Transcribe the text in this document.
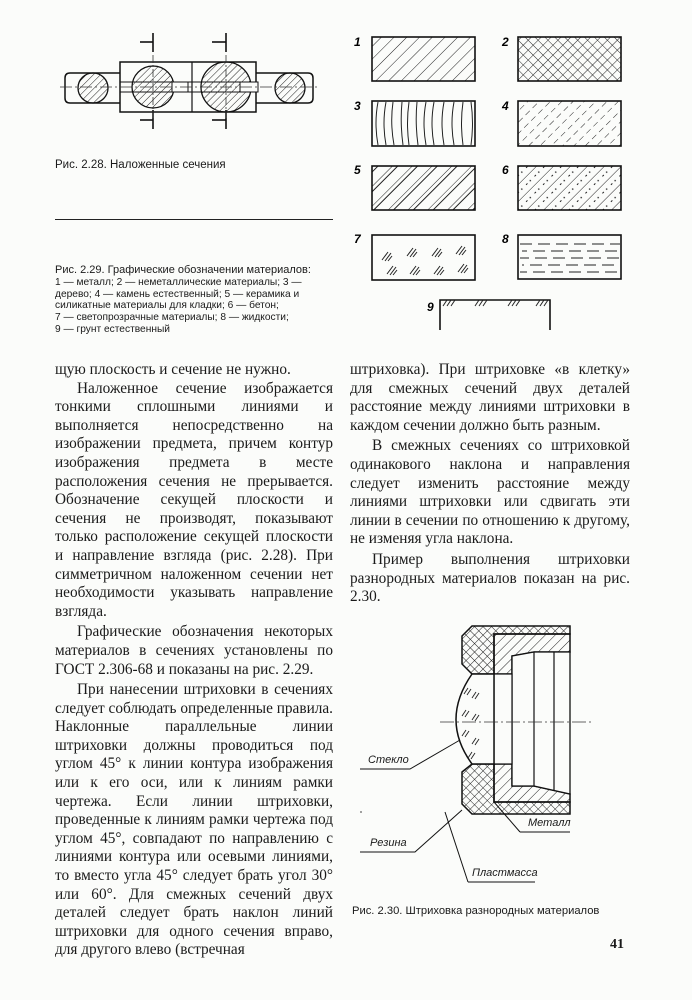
Рис. 2.28. Наложенные сечения
Рис. 2.29. Графические обозначении материалов:
1 — металл; 2 — неметаллические материалы; 3 —
дерево; 4 — камень естественный; 5 — керамика и
силикатные материалы для кладки; 6 — бетон;
7 — светопрозрачные материалы; 8 — жидкости;
9 — грунт естественный
1	2
3	4
5	6
7	8
9

щую плоскость и сечение не нужно.

Наложенное сечение изображается тонкими сплошными линиями и выполняется непосредственно на изображении предмета, причем контур изображения предмета в месте расположения сечения не прерывается. Обозначение секущей плоскости и сечения не производят, показывают только расположение секущей плоскости и направление взгляда (рис. 2.28). При симметричном наложенном сечении нет необходимости указывать направление взгляда.

Графические обозначения некоторых материалов в сечениях установлены по ГОСТ 2.306-68 и показаны на рис. 2.29.

При нанесении штриховки в сечениях следует соблюдать определенные правила. Наклонные параллельные линии штриховки должны проводиться под углом 45° к линии контура изображения или к его оси, или к линиям рамки чертежа. Если линии штриховки, проведенные к линиям рамки чертежа под углом 45°, совпадают по направлению с линиями контура или осевыми линиями, то вместо угла 45° следует брать угол 30° или 60°. Для смежных сечений двух деталей следует брать наклон линий штриховки для одного сечения вправо, для другого влево (встречная

штриховка). При штриховке «в клетку» для смежных сечений двух деталей расстояние между линиями штриховки в каждом сечении должно быть разным.

В смежных сечениях со штриховкой одинакового наклона и направления следует изменить расстояние между линиями штриховки или сдвигать эти линии в сечении по отношению к другому, не изменяя угла наклона.

Пример выполнения штриховки разнородных материалов показан на рис. 2.30.

Стекло
Резина
Металл
Пластмасса
Рис. 2.30. Штриховка разнородных материалов
41
